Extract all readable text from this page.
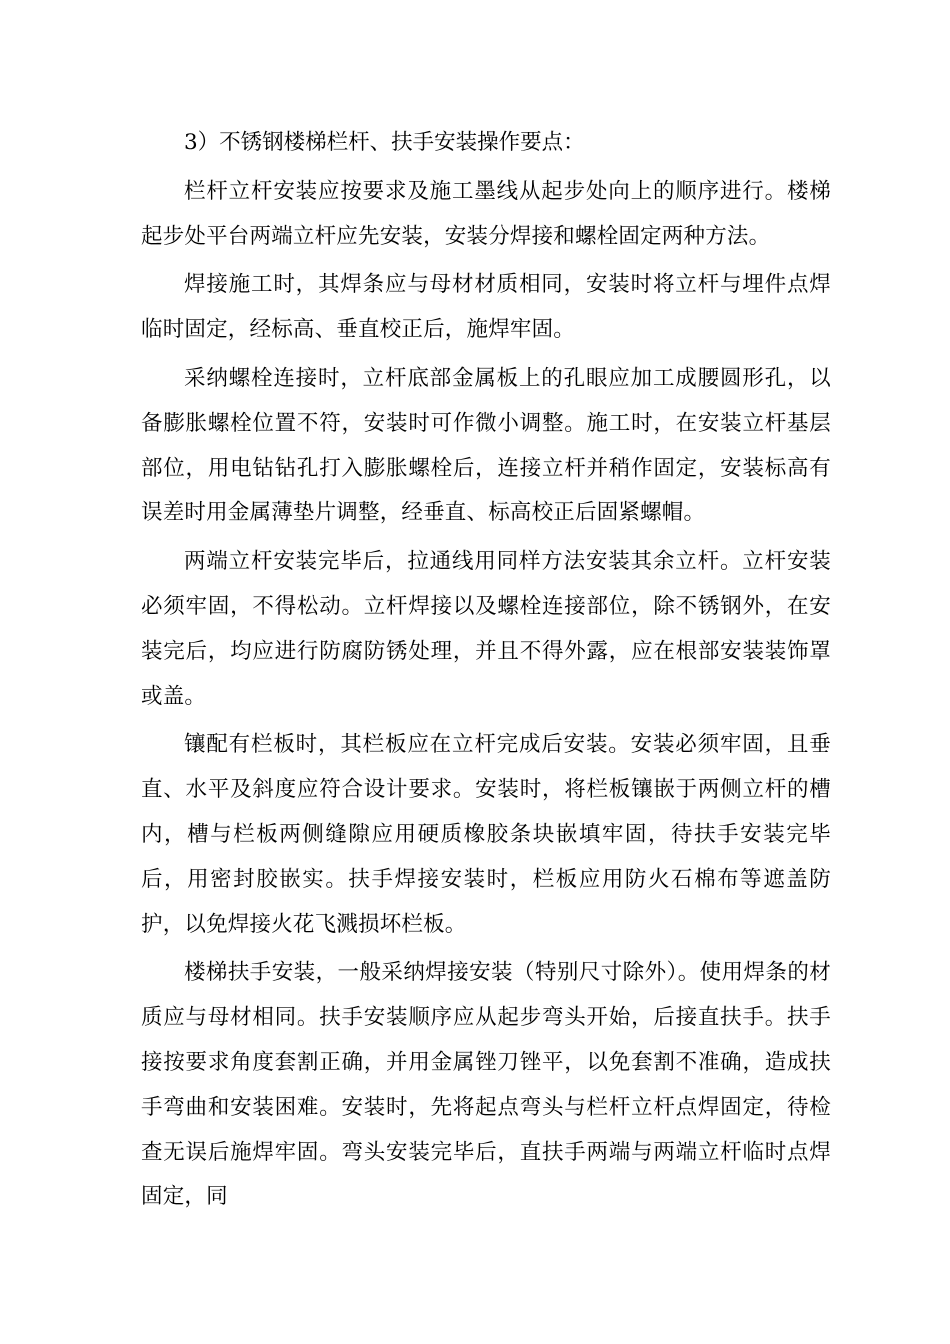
3）不锈钢楼梯栏杆、扶手安装操作要点：

栏杆立杆安装应按要求及施工墨线从起步处向上的顺序进行。楼梯起步处平台两端立杆应先安装，安装分焊接和螺栓固定两种方法。

焊接施工时，其焊条应与母材材质相同，安装时将立杆与埋件点焊临时固定，经标高、垂直校正后，施焊牢固。

采纳螺栓连接时，立杆底部金属板上的孔眼应加工成腰圆形孔，以备膨胀螺栓位置不符，安装时可作微小调整。施工时，在安装立杆基层部位，用电钻钻孔打入膨胀螺栓后，连接立杆并稍作固定，安装标高有误差时用金属薄垫片调整，经垂直、标高校正后固紧螺帽。

两端立杆安装完毕后，拉通线用同样方法安装其余立杆。立杆安装必须牢固，不得松动。立杆焊接以及螺栓连接部位，除不锈钢外，在安装完后，均应进行防腐防锈处理，并且不得外露，应在根部安装装饰罩或盖。

镶配有栏板时，其栏板应在立杆完成后安装。安装必须牢固，且垂直、水平及斜度应符合设计要求。安装时，将栏板镶嵌于两侧立杆的槽内，槽与栏板两侧缝隙应用硬质橡胶条块嵌填牢固，待扶手安装完毕后，用密封胶嵌实。扶手焊接安装时，栏板应用防火石棉布等遮盖防护，以免焊接火花飞溅损坏栏板。

楼梯扶手安装，一般采纳焊接安装（特别尺寸除外）。使用焊条的材质应与母材相同。扶手安装顺序应从起步弯头开始，后接直扶手。扶手接按要求角度套割正确，并用金属锉刀锉平，以免套割不准确，造成扶手弯曲和安装困难。安装时，先将起点弯头与栏杆立杆点焊固定，待检查无误后施焊牢固。弯头安装完毕后，直扶手两端与两端立杆临时点焊固定，同
